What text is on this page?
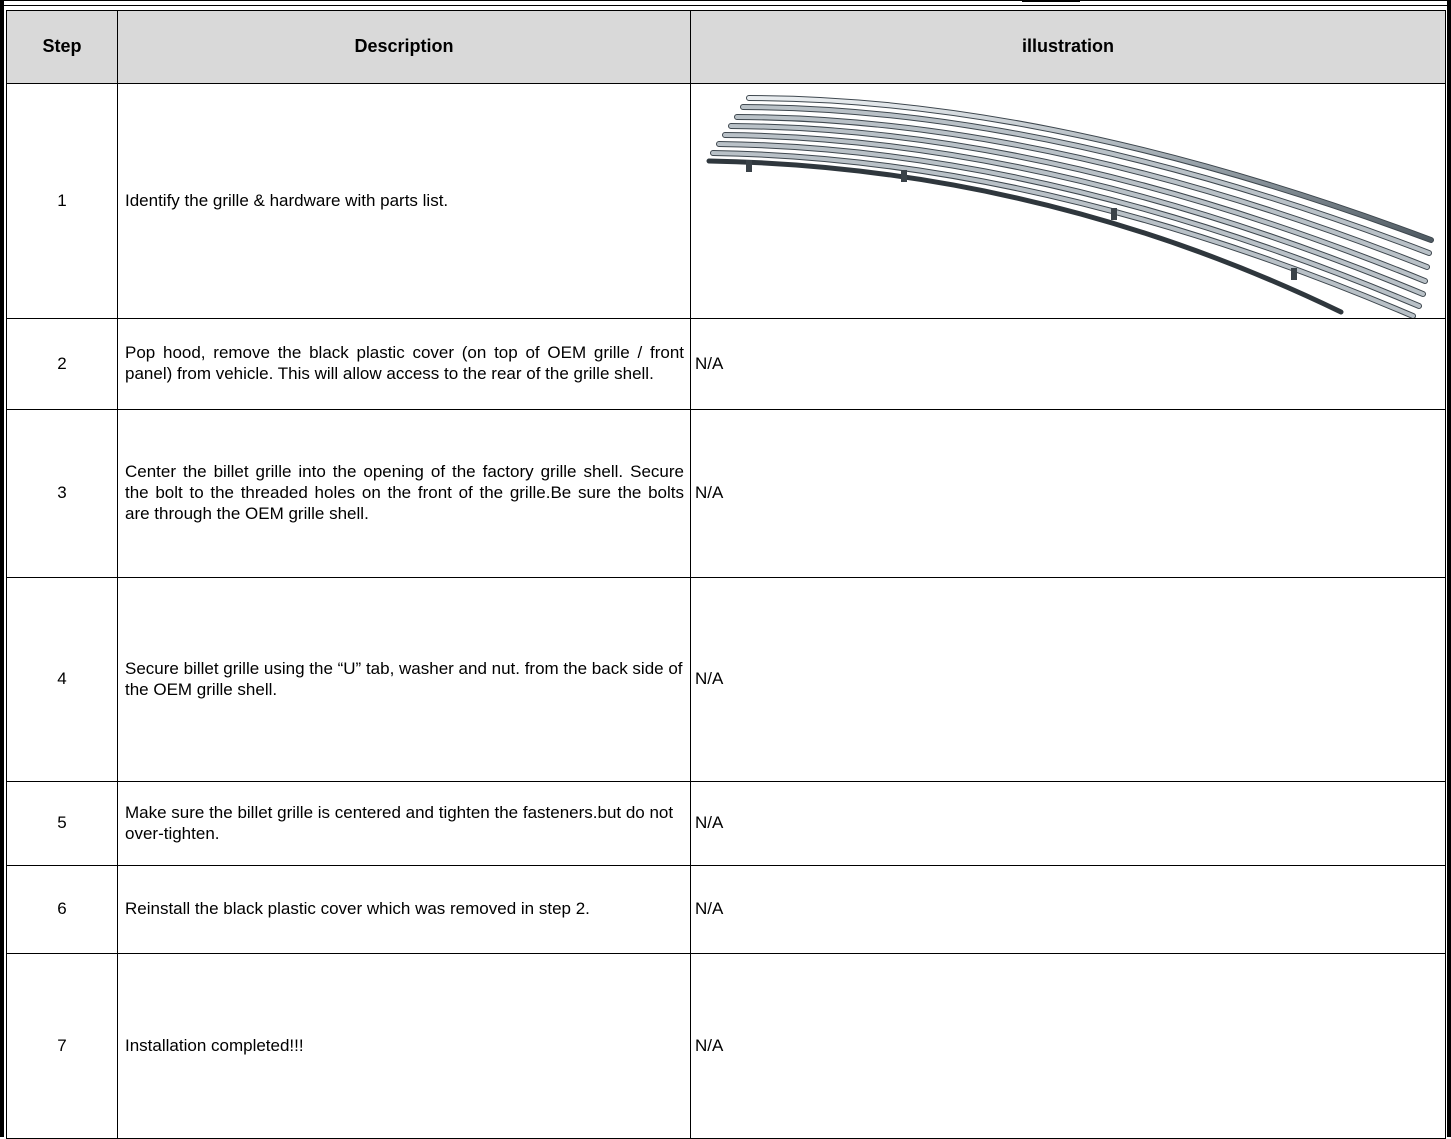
Step	Description	illustration
1	Identify the grille & hardware with parts list.	

2	Pop hood, remove the black plastic cover (on top of OEM grille / front panel) from vehicle. This will allow access to the rear of the grille shell.	N/A
3	Center the billet grille into the opening of the factory grille shell. Secure the bolt to the threaded holes on the front of the grille.Be sure the bolts are through the OEM grille shell.	N/A
4	Secure billet grille using the “U” tab, washer and nut. from the back side of the OEM grille shell.	N/A
5	Make sure the billet grille is centered and tighten the fasteners.but do not over-tighten.	N/A
6	Reinstall the black plastic cover which was removed in step 2.	N/A
7	Installation completed!!!	N/A
